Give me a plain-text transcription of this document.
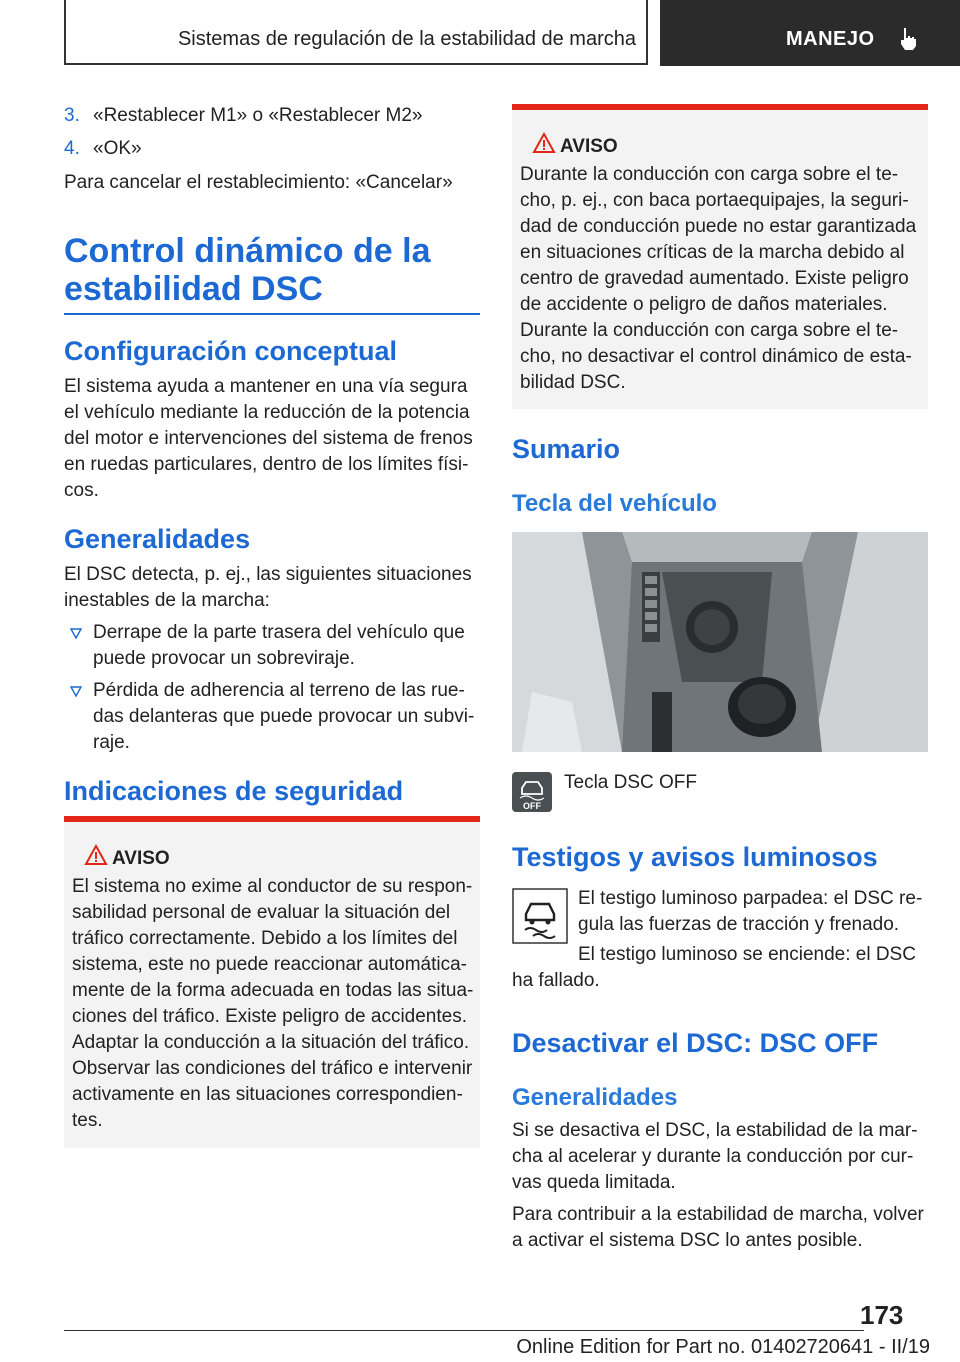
Sistemas de regulación de la estabilidad de marcha	MANEJO
3. «Restablecer M1» o «Restablecer M2»
4. «OK»
Para cancelar el restablecimiento: «Cancelar»
Control dinámico de la
estabilidad DSC
Configuración conceptual
El sistema ayuda a mantener en una vía segura
el vehículo mediante la reducción de la potencia
del motor e intervenciones del sistema de frenos
en ruedas particulares, dentro de los límites físi-
cos.
Generalidades
El DSC detecta, p. ej., las siguientes situaciones
inestables de la marcha:
Derrape de la parte trasera del vehículo que
puede provocar un sobreviraje.
Pérdida de adherencia al terreno de las rue-
das delanteras que puede provocar un subvi-
raje.
Indicaciones de seguridad
AVISO
El sistema no exime al conductor de su respon-
sabilidad personal de evaluar la situación del
tráfico correctamente. Debido a los límites del
sistema, este no puede reaccionar automática-
mente de la forma adecuada en todas las situa-
ciones del tráfico. Existe peligro de accidentes.
Adaptar la conducción a la situación del tráfico.
Observar las condiciones del tráfico e intervenir
activamente en las situaciones correspondien-
tes.
AVISO
Durante la conducción con carga sobre el te-
cho, p. ej., con baca portaequipajes, la seguri-
dad de conducción puede no estar garantizada
en situaciones críticas de la marcha debido al
centro de gravedad aumentado. Existe peligro
de accidente o peligro de daños materiales.
Durante la conducción con carga sobre el te-
cho, no desactivar el control dinámico de esta-
bilidad DSC.
Sumario
Tecla del vehículo
OFF
Tecla DSC OFF
Testigos y avisos luminosos
El testigo luminoso parpadea: el DSC re-
gula las fuerzas de tracción y frenado.
El testigo luminoso se enciende: el DSC
ha fallado.
Desactivar el DSC: DSC OFF
Generalidades
Si se desactiva el DSC, la estabilidad de la mar-
cha al acelerar y durante la conducción por cur-
vas queda limitada.
Para contribuir a la estabilidad de marcha, volver
a activar el sistema DSC lo antes posible.
173
Online Edition for Part no. 01402720641 - II/19
